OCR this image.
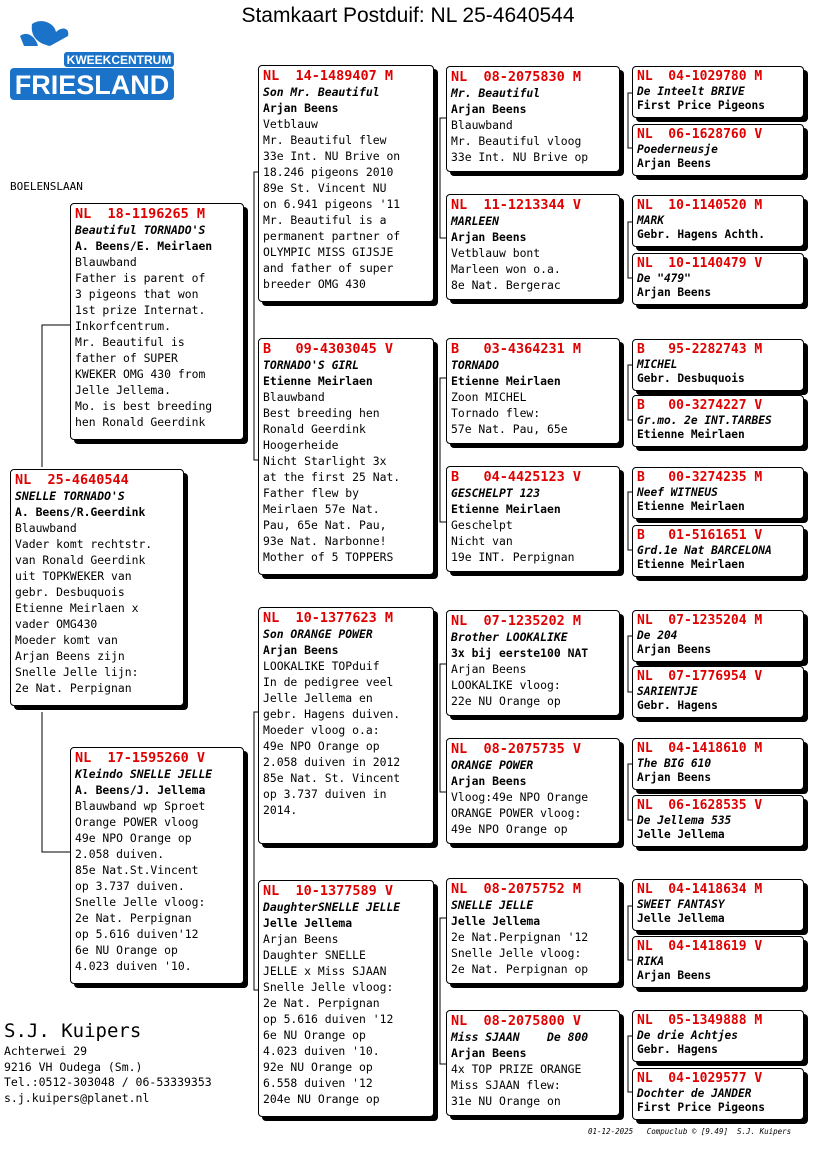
Stamkaart Postduif: NL 25-4640544
KWEEKCENTRUM
FRIESLAND
BOELENSLAAN
NL  25-4640544
SNELLE TORNADO'S
A. Beens/R.Geerdink
Blauwband
Vader komt rechtstr.
van Ronald Geerdink
uit TOPKWEKER van
gebr. Desbuquois
Etienne Meirlaen x
vader OMG430
Moeder komt van
Arjan Beens zijn
Snelle Jelle lijn:
2e Nat. Perpignan
NL  18-1196265 M
Beautiful TORNADO'S
A. Beens/E. Meirlaen
Blauwband
Father is parent of
3 pigeons that won
1st prize Internat.
Inkorfcentrum.
Mr. Beautiful is
father of SUPER
KWEKER OMG 430 from
Jelle Jellema.
Mo. is best breeding
hen Ronald Geerdink
NL  17-1595260 V
Kleindo SNELLE JELLE
A. Beens/J. Jellema
Blauwband wp Sproet
Orange POWER vloog
49e NPO Orange op
2.058 duiven.
85e Nat.St.Vincent
op 3.737 duiven.
Snelle Jelle vloog:
2e Nat. Perpignan
op 5.616 duiven'12
6e NU Orange op
4.023 duiven '10.
NL  14-1489407 M
Son Mr. Beautiful
Arjan Beens
Vetblauw
Mr. Beautiful flew
33e Int. NU Brive on
18.246 pigeons 2010
89e St. Vincent NU
on 6.941 pigeons '11
Mr. Beautiful is a
permanent partner of
OLYMPIC MISS GIJSJE
and father of super
breeder OMG 430
B   09-4303045 V
TORNADO'S GIRL
Etienne Meirlaen
Blauwband
Best breeding hen
Ronald Geerdink
Hoogerheide
Nicht Starlight 3x
at the first 25 Nat.
Father flew by
Meirlaen 57e Nat.
Pau, 65e Nat. Pau,
93e Nat. Narbonne!
Mother of 5 TOPPERS
NL  10-1377623 M
Son ORANGE POWER
Arjan Beens
LOOKALIKE TOPduif
In de pedigree veel
Jelle Jellema en
gebr. Hagens duiven.
Moeder vloog o.a:
49e NPO Orange op
2.058 duiven in 2012
85e Nat. St. Vincent
op 3.737 duiven in
2014.
NL  10-1377589 V
DaughterSNELLE JELLE
Jelle Jellema
Arjan Beens
Daughter SNELLE
JELLE x Miss SJAAN
Snelle Jelle vloog:
2e Nat. Perpignan
op 5.616 duiven '12
6e NU Orange op
4.023 duiven '10.
92e NU Orange op
6.558 duiven '12
204e NU Orange op
NL  08-2075830 M
Mr. Beautiful
Arjan Beens
Blauwband
Mr. Beautiful vloog
33e Int. NU Brive op
NL  11-1213344 V
MARLEEN
Arjan Beens
Vetblauw bont
Marleen won o.a.
8e Nat. Bergerac
B   03-4364231 M
TORNADO
Etienne Meirlaen
Zoon MICHEL
Tornado flew:
57e Nat. Pau, 65e
B   04-4425123 V
GESCHELPT 123
Etienne Meirlaen
Geschelpt
Nicht van
19e INT. Perpignan
NL  07-1235202 M
Brother LOOKALIKE
3x bij eerste100 NAT
Arjan Beens
LOOKALIKE vloog:
22e NU Orange op
NL  08-2075735 V
ORANGE POWER
Arjan Beens
Vloog:49e NPO Orange
ORANGE POWER vloog:
49e NPO Orange op
NL  08-2075752 M
SNELLE JELLE
Jelle Jellema
2e Nat.Perpignan '12
Snelle Jelle vloog:
2e Nat. Perpignan op
NL  08-2075800 V
Miss SJAAN    De 800
Arjan Beens
4x TOP PRIZE ORANGE
Miss SJAAN flew:
31e NU Orange on
NL  04-1029780 M
De Inteelt BRIVE
First Price Pigeons
NL  06-1628760 V
Poederneusje
Arjan Beens
NL  10-1140520 M
MARK
Gebr. Hagens Achth.
NL  10-1140479 V
De "479"
Arjan Beens
B   95-2282743 M
MICHEL
Gebr. Desbuquois
B   00-3274227 V
Gr.mo. 2e INT.TARBES
Etienne Meirlaen
B   00-3274235 M
Neef WITNEUS
Etienne Meirlaen
B   01-5161651 V
Grd.1e Nat BARCELONA
Etienne Meirlaen
NL  07-1235204 M
De 204
Arjan Beens
NL  07-1776954 V
SARIENTJE
Gebr. Hagens
NL  04-1418610 M
The BIG 610
Arjan Beens
NL  06-1628535 V
De Jellema 535
Jelle Jellema
NL  04-1418634 M
SWEET FANTASY
Jelle Jellema
NL  04-1418619 V
RIKA
Arjan Beens
NL  05-1349888 M
De drie Achtjes
Gebr. Hagens
NL  04-1029577 V
Dochter de JANDER
First Price Pigeons
S.J. Kuipers
Achterwei 29
9216 VH Oudega (Sm.)
Tel.:0512-303048 / 06-53339353
s.j.kuipers@planet.nl
01-12-2025   Compuclub © [9.49]  S.J. Kuipers
